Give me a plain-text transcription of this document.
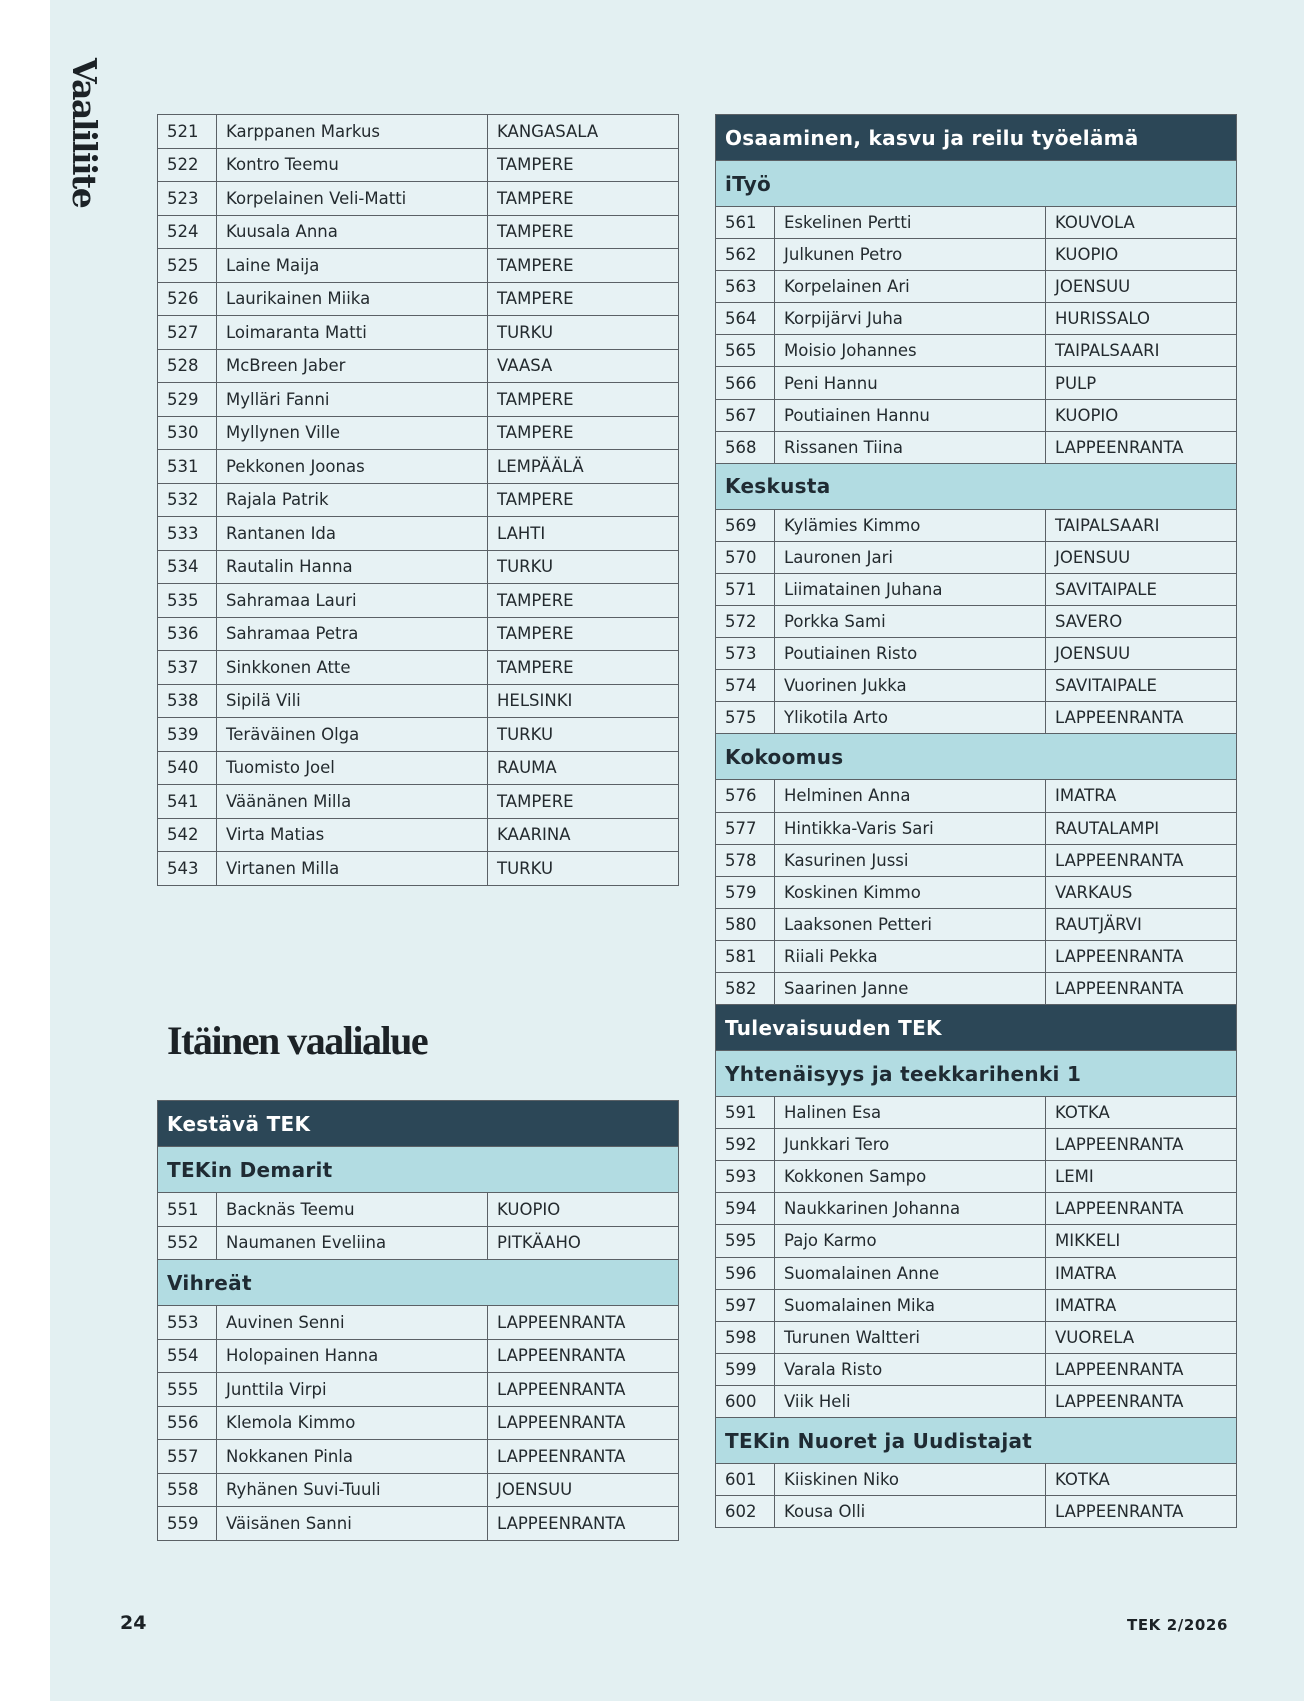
Vaaliliite	521	Karppanen Markus	KANGASALA
522	Kontro Teemu	TAMPERE
523	Korpelainen Veli-Matti	TAMPERE
524	Kuusala Anna	TAMPERE
525	Laine Maija	TAMPERE
526	Laurikainen Miika	TAMPERE
527	Loimaranta Matti	TURKU
528	McBreen Jaber	VAASA
529	Mylläri Fanni	TAMPERE
530	Myllynen Ville	TAMPERE
531	Pekkonen Joonas	LEMPÄÄLÄ
532	Rajala Patrik	TAMPERE
533	Rantanen Ida	LAHTI
534	Rautalin Hanna	TURKU
535	Sahramaa Lauri	TAMPERE
536	Sahramaa Petra	TAMPERE
537	Sinkkonen Atte	TAMPERE
538	Sipilä Vili	HELSINKI
539	Teräväinen Olga	TURKU
540	Tuomisto Joel	RAUMA
541	Väänänen Milla	TAMPERE
542	Virta Matias	KAARINA
543	Virtanen Milla	TURKU
Itäinen vaalialue
Kestävä TEK		
TEKin Demarit		
551	Backnäs Teemu	KUOPIO
552	Naumanen Eveliina	PITKÄAHO
Vihreät		
553	Auvinen Senni	LAPPEENRANTA
554	Holopainen Hanna	LAPPEENRANTA
555	Junttila Virpi	LAPPEENRANTA
556	Klemola Kimmo	LAPPEENRANTA
557	Nokkanen Pinla	LAPPEENRANTA
558	Ryhänen Suvi-Tuuli	JOENSUU
559	Väisänen Sanni	LAPPEENRANTA
Osaaminen, kasvu ja reilu työelämä		
iTyö		
561	Eskelinen Pertti	KOUVOLA
562	Julkunen Petro	KUOPIO
563	Korpelainen Ari	JOENSUU
564	Korpijärvi Juha	HURISSALO
565	Moisio Johannes	TAIPALSAARI
566	Peni Hannu	PULP
567	Poutiainen Hannu	KUOPIO
568	Rissanen Tiina	LAPPEENRANTA
Keskusta		
569	Kylämies Kimmo	TAIPALSAARI
570	Lauronen Jari	JOENSUU
571	Liimatainen Juhana	SAVITAIPALE
572	Porkka Sami	SAVERO
573	Poutiainen Risto	JOENSUU
574	Vuorinen Jukka	SAVITAIPALE
575	Ylikotila Arto	LAPPEENRANTA
Kokoomus		
576	Helminen Anna	IMATRA
577	Hintikka-Varis Sari	RAUTALAMPI
578	Kasurinen Jussi	LAPPEENRANTA
579	Koskinen Kimmo	VARKAUS
580	Laaksonen Petteri	RAUTJÄRVI
581	Riiali Pekka	LAPPEENRANTA
582	Saarinen Janne	LAPPEENRANTA
Tulevaisuuden TEK		
Yhtenäisyys ja teekkarihenki 1		
591	Halinen Esa	KOTKA
592	Junkkari Tero	LAPPEENRANTA
593	Kokkonen Sampo	LEMI
594	Naukkarinen Johanna	LAPPEENRANTA
595	Pajo Karmo	MIKKELI
596	Suomalainen Anne	IMATRA
597	Suomalainen Mika	IMATRA
598	Turunen Waltteri	VUORELA
599	Varala Risto	LAPPEENRANTA
600	Viik Heli	LAPPEENRANTA
TEKin Nuoret ja Uudistajat		
601	Kiiskinen Niko	KOTKA
602	Kousa Olli	LAPPEENRANTA
24	TEK 2/2026
